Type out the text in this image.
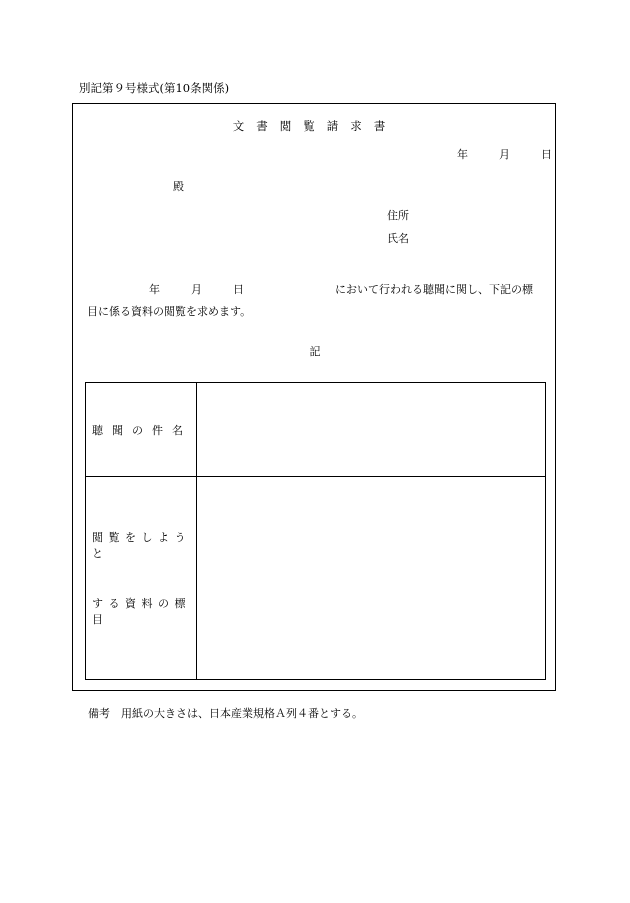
別記第９号様式(第10条関係)
文書閲覧請求書
年	月	日
殿
住所
氏名
年	月	日	において行われる聴聞に関し、下記の標
目に係る資料の閲覧を求めます。
記
聴聞の件名	

閲覧をしようと
する資料の標目	

備考　用紙の大きさは、日本産業規格Ａ列４番とする。
